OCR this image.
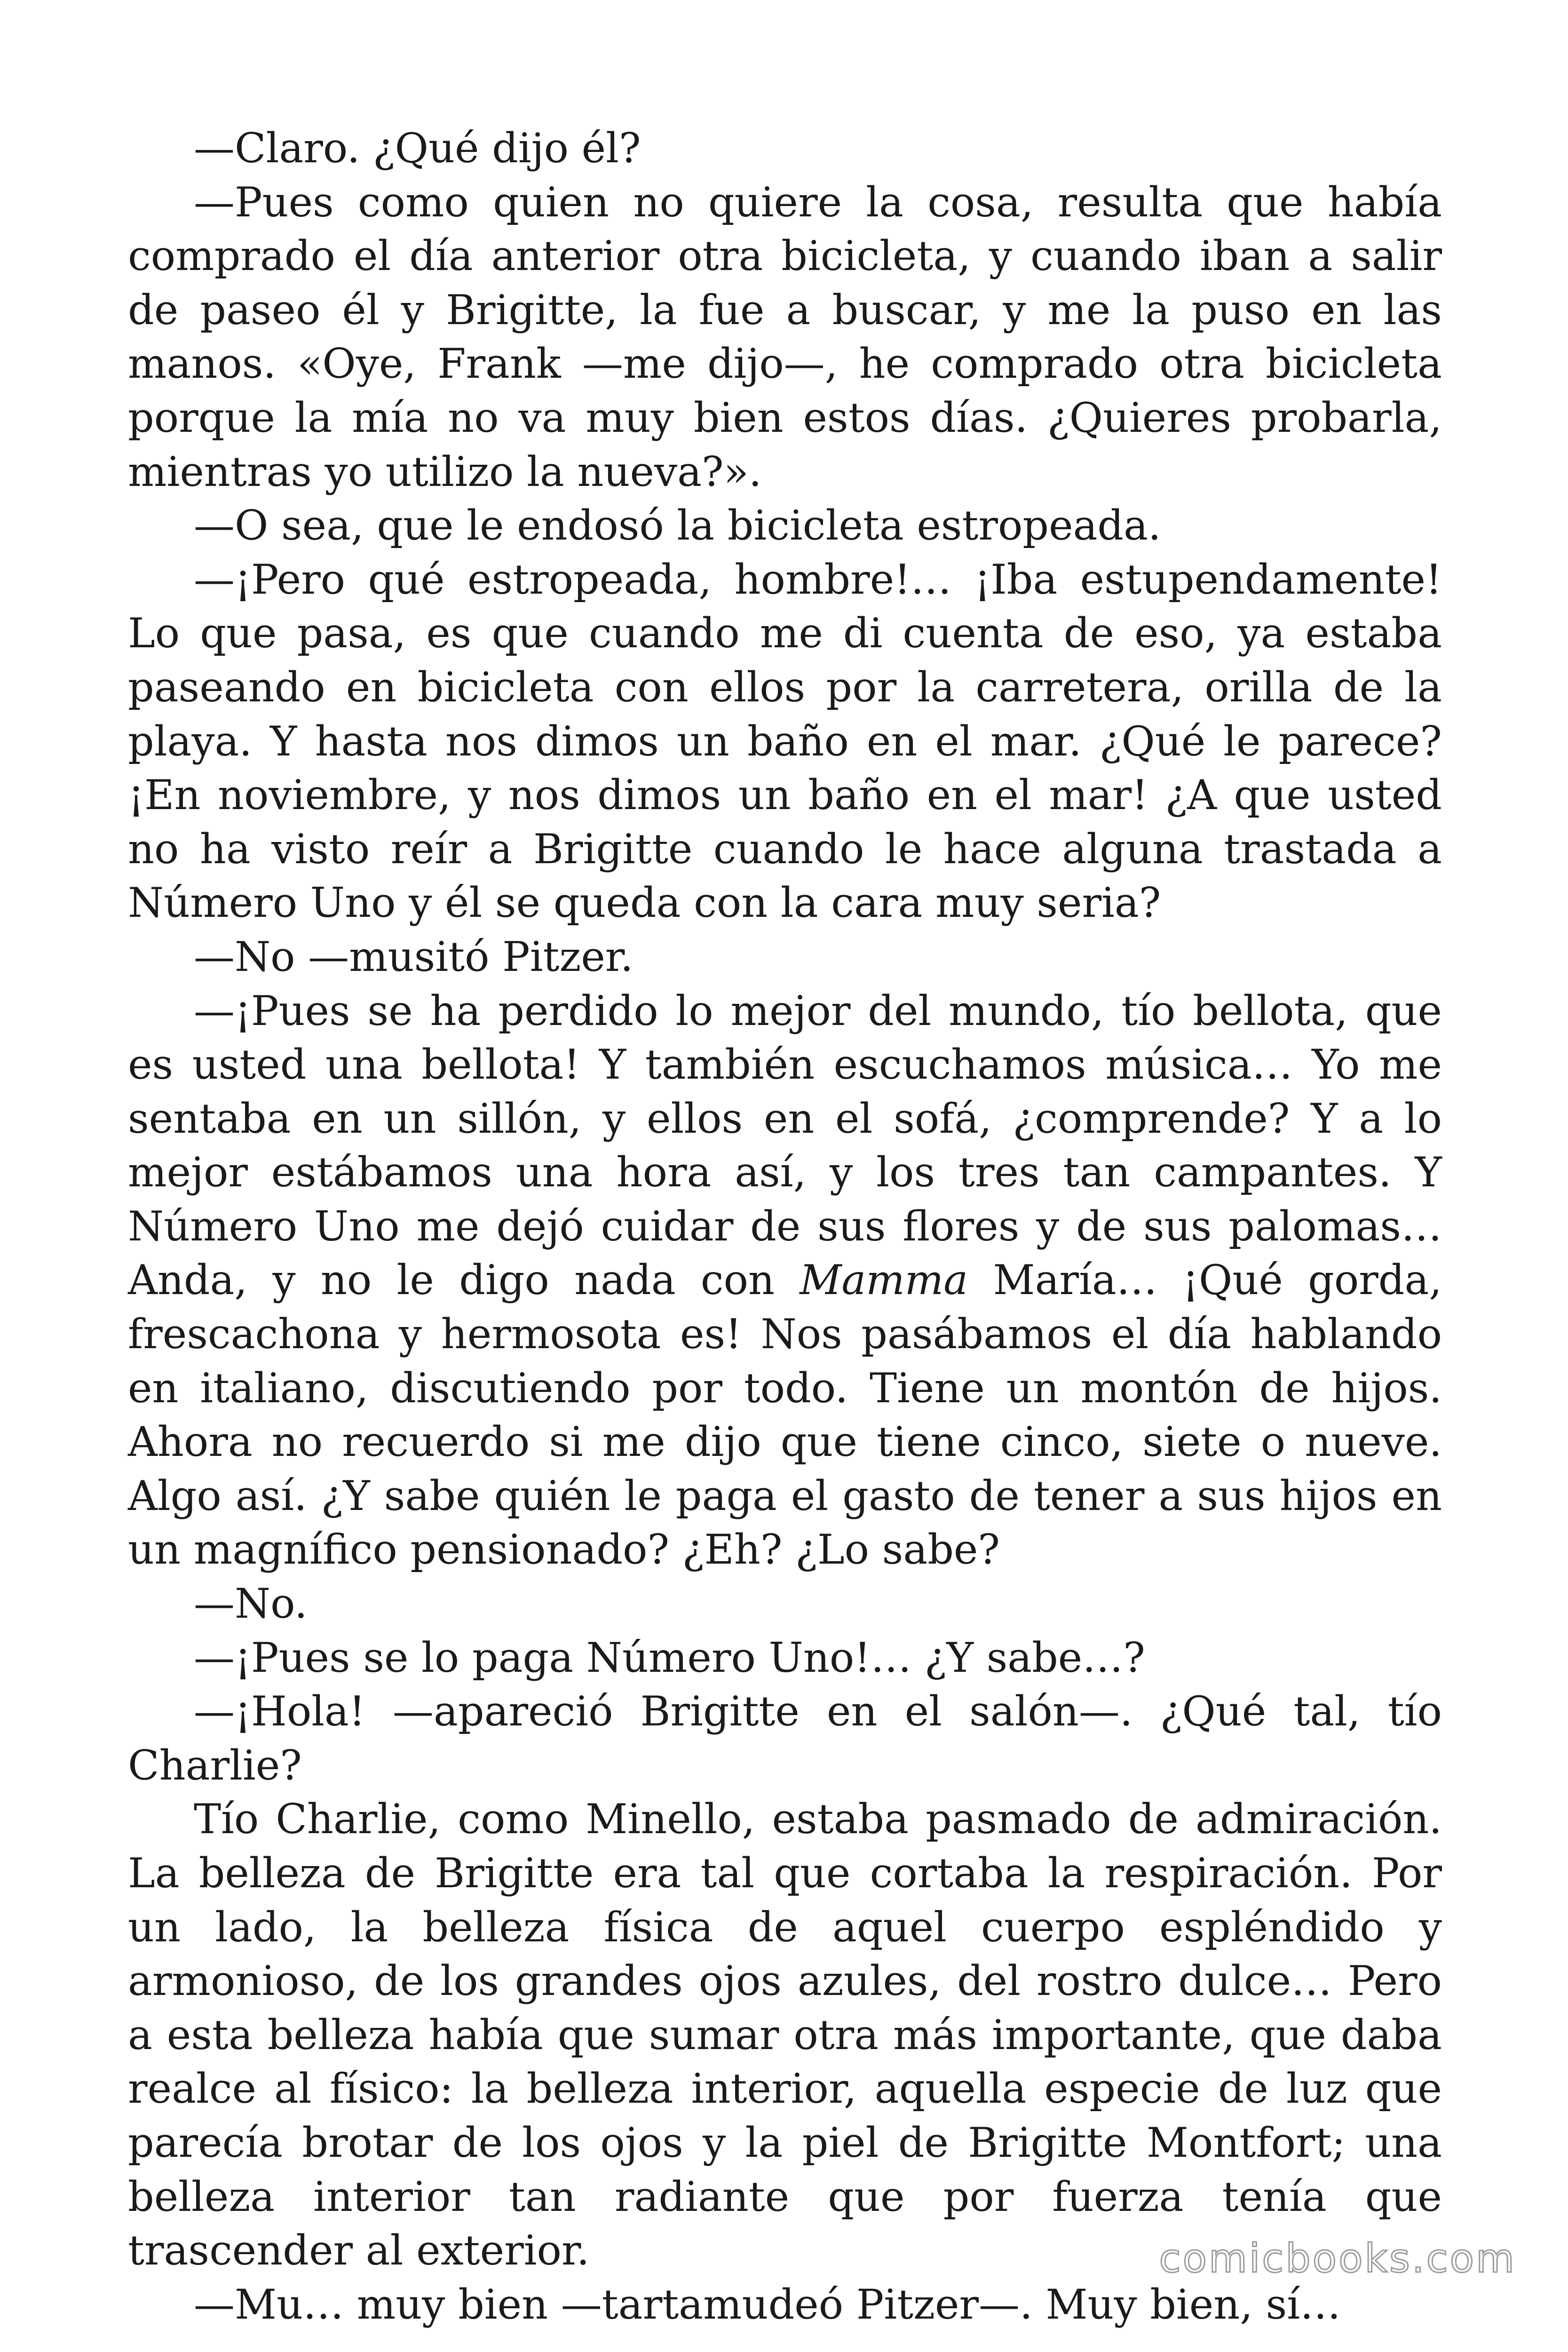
—Claro. ¿Qué dijo él?

—Pues como quien no quiere la cosa, resulta que había comprado el día anterior otra bicicleta, y cuando iban a salir de paseo él y Brigitte, la fue a buscar, y me la puso en las manos. «Oye, Frank —me dijo—, he comprado otra bicicleta porque la mía no va muy bien estos días. ¿Quieres probarla, mientras yo utilizo la nueva?».

—O sea, que le endosó la bicicleta estropeada.

—¡Pero qué estropeada, hombre!… ¡Iba estupendamente! Lo que pasa, es que cuando me di cuenta de eso, ya estaba paseando en bicicleta con ellos por la carretera, orilla de la playa. Y hasta nos dimos un baño en el mar. ¿Qué le parece? ¡En noviembre, y nos dimos un baño en el mar! ¿A que usted no ha visto reír a Brigitte cuando le hace alguna trastada a Número Uno y él se queda con la cara muy seria?

—No —musitó Pitzer.

—¡Pues se ha perdido lo mejor del mundo, tío bellota, que es usted una bellota! Y también escuchamos música… Yo me sentaba en un sillón, y ellos en el sofá, ¿comprende? Y a lo mejor estábamos una hora así, y los tres tan campantes. Y Número Uno me dejó cuidar de sus flores y de sus palomas… Anda, y no le digo nada con Mamma María… ¡Qué gorda, frescachona y hermosota es! Nos pasábamos el día hablando en italiano, discutiendo por todo. Tiene un montón de hijos. Ahora no recuerdo si me dijo que tiene cinco, siete o nueve. Algo así. ¿Y sabe quién le paga el gasto de tener a sus hijos en un magnífico pensionado? ¿Eh? ¿Lo sabe?

—No.

—¡Pues se lo paga Número Uno!… ¿Y sabe…?

—¡Hola! —apareció Brigitte en el salón—. ¿Qué tal, tío Charlie?

Tío Charlie, como Minello, estaba pasmado de admiración. La belleza de Brigitte era tal que cortaba la respiración. Por un lado, la belleza física de aquel cuerpo espléndido y armonioso, de los grandes ojos azules, del rostro dulce… Pero a esta belleza había que sumar otra más importante, que daba realce al físico: la belleza interior, aquella especie de luz que parecía brotar de los ojos y la piel de Brigitte Montfort; una belleza interior tan radiante que por fuerza tenía que trascender al exterior.

—Mu… muy bien —tartamudeó Pitzer—. Muy bien, sí…

comicbooks.com
